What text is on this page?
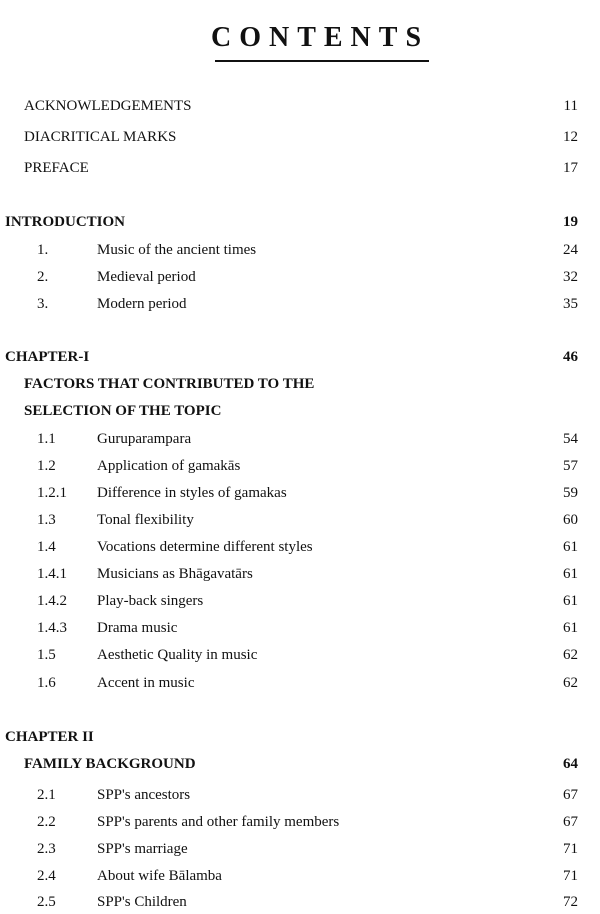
CONTENTS
ACKNOWLEDGEMENTS	11
DIACRITICAL MARKS	12
PREFACE	17
INTRODUCTION	19
1.	Music of the ancient times	24
2.	Medieval period	32
3.	Modern period	35
CHAPTER-I	46
FACTORS THAT CONTRIBUTED TO THE
SELECTION OF THE TOPIC
1.1	Guruparampara	54
1.2	Application of gamakās	57
1.2.1 Difference in styles of gamakas	59
1.3	Tonal flexibility	60
1.4	Vocations determine different styles	61
1.4.1 Musicians as Bhāgavatārs	61
1.4.2 Play-back singers	61
1.4.3 Drama music	61
1.5	Aesthetic Quality in music	62
1.6	Accent in music	62
CHAPTER II
FAMILY BACKGROUND	64
2.1	SPP's ancestors	67
2.2	SPP's parents and other family members	67
2.3	SPP's marriage	71
2.4	About wife Bālamba	71
2.5	SPP's Children	72
